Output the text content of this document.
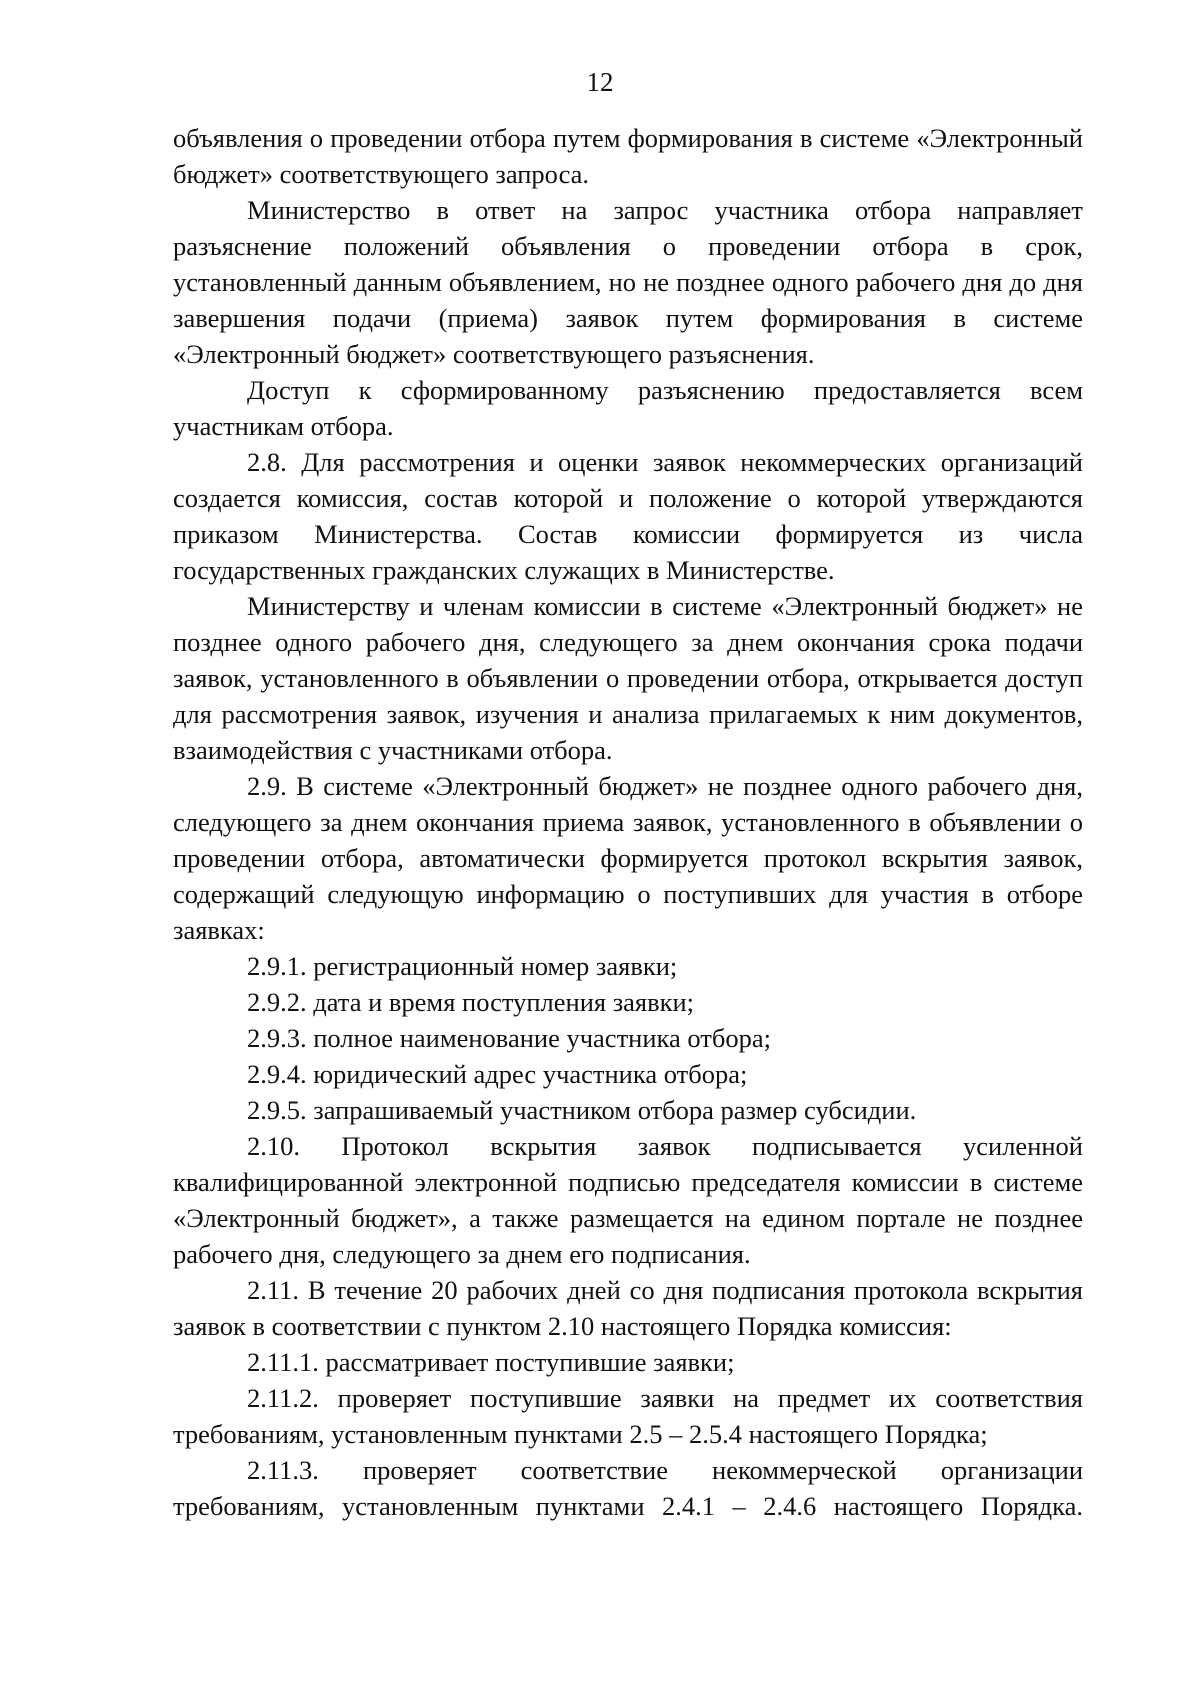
12

объявления о проведении отбора путем формирования в системе «Электронный бюджет» соответствующего запроса.

Министерство в ответ на запрос участника отбора направляет разъяснение положений объявления о проведении отбора в срок, установленный данным объявлением, но не позднее одного рабочего дня до дня завершения подачи (приема) заявок путем формирования в системе «Электронный бюджет» соответствующего разъяснения.

Доступ к сформированному разъяснению предоставляется всем участникам отбора.

2.8. Для рассмотрения и оценки заявок некоммерческих организаций создается комиссия, состав которой и положение о которой утверждаются приказом Министерства. Состав комиссии формируется из числа государственных гражданских служащих в Министерстве.

Министерству и членам комиссии в системе «Электронный бюджет» не позднее одного рабочего дня, следующего за днем окончания срока подачи заявок, установленного в объявлении о проведении отбора, открывается доступ для рассмотрения заявок, изучения и анализа прилагаемых к ним документов, взаимодействия с участниками отбора.

2.9. В системе «Электронный бюджет» не позднее одного рабочего дня, следующего за днем окончания приема заявок, установленного в объявлении о проведении отбора, автоматически формируется протокол вскрытия заявок, содержащий следующую информацию о поступивших для участия в отборе заявках:

2.9.1. регистрационный номер заявки;

2.9.2. дата и время поступления заявки;

2.9.3. полное наименование участника отбора;

2.9.4. юридический адрес участника отбора;

2.9.5. запрашиваемый участником отбора размер субсидии.

2.10. Протокол вскрытия заявок подписывается усиленной квалифицированной электронной подписью председателя комиссии в системе «Электронный бюджет», а также размещается на едином портале не позднее рабочего дня, следующего за днем его подписания.

2.11. В течение 20 рабочих дней со дня подписания протокола вскрытия заявок в соответствии с пунктом 2.10 настоящего Порядка комиссия:

2.11.1. рассматривает поступившие заявки;

2.11.2. проверяет поступившие заявки на предмет их соответствия требованиям, установленным пунктами 2.5 – 2.5.4 настоящего Порядка;

2.11.3. проверяет соответствие некоммерческой организации требованиям, установленным пунктами 2.4.1 – 2.4.6 настоящего Порядка.
